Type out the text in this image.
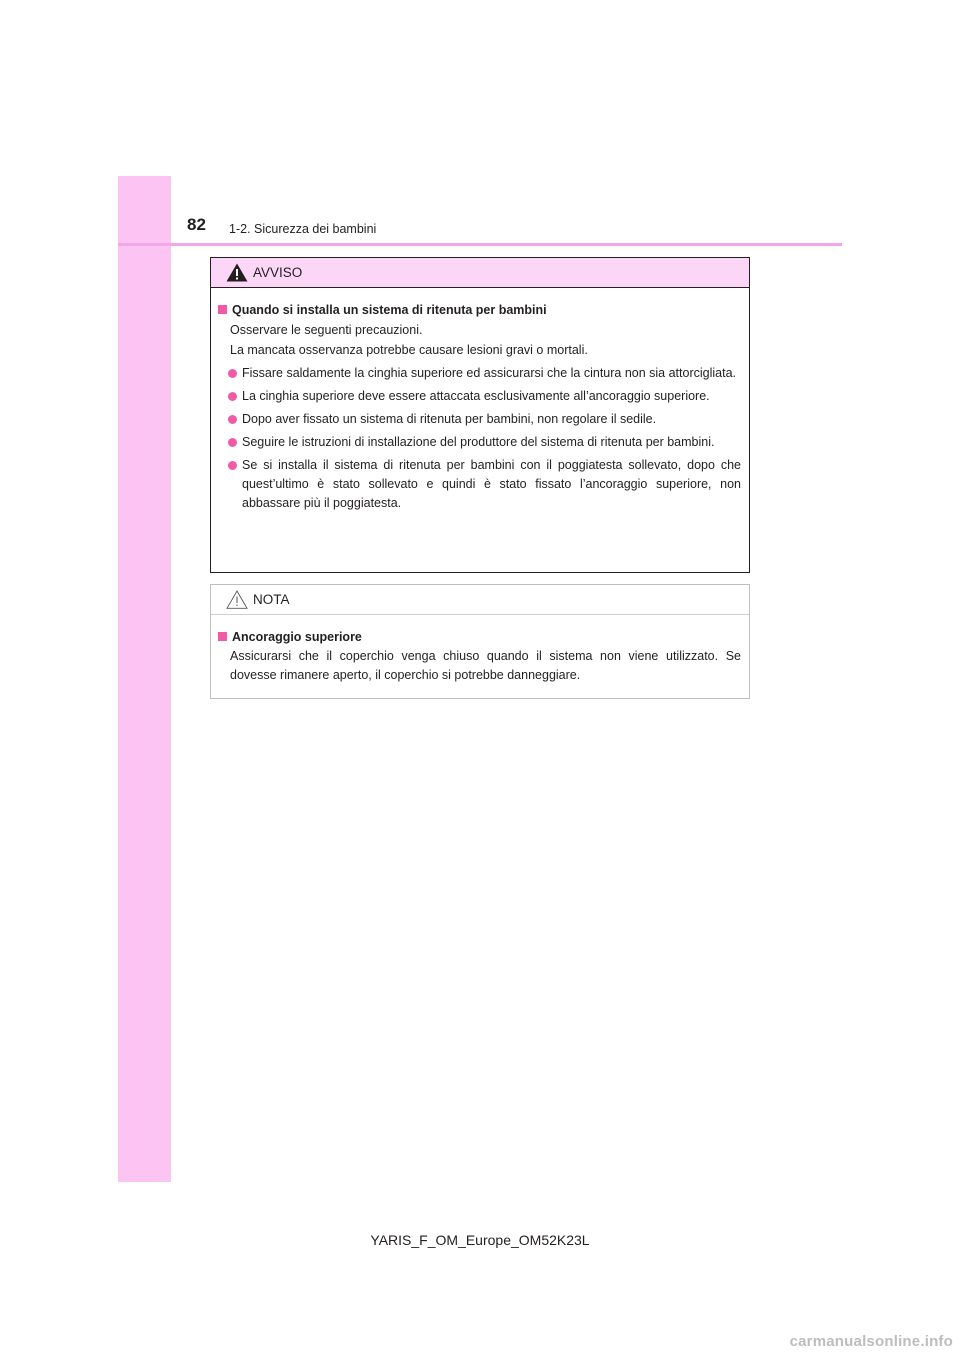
82 1-2. Sicurezza dei bambini
AVVISO
Quando si installa un sistema di ritenuta per bambini
Osservare le seguenti precauzioni.
La mancata osservanza potrebbe causare lesioni gravi o mortali.
Fissare saldamente la cinghia superiore ed assicurarsi che la cintura non sia attorcigliata.
La cinghia superiore deve essere attaccata esclusivamente all’ancoraggio superiore.
Dopo aver fissato un sistema di ritenuta per bambini, non regolare il sedile.
Seguire le istruzioni di installazione del produttore del sistema di ritenuta per bambini.
Se si installa il sistema di ritenuta per bambini con il poggiatesta sollevato, dopo che quest’ultimo è stato sollevato e quindi è stato fissato l’ancoraggio superiore, non abbassare più il poggiatesta.
NOTA
Ancoraggio superiore
Assicurarsi che il coperchio venga chiuso quando il sistema non viene utilizzato. Se dovesse rimanere aperto, il coperchio si potrebbe danneggiare.
YARIS_F_OM_Europe_OM52K23L
carmanualsonline.info
